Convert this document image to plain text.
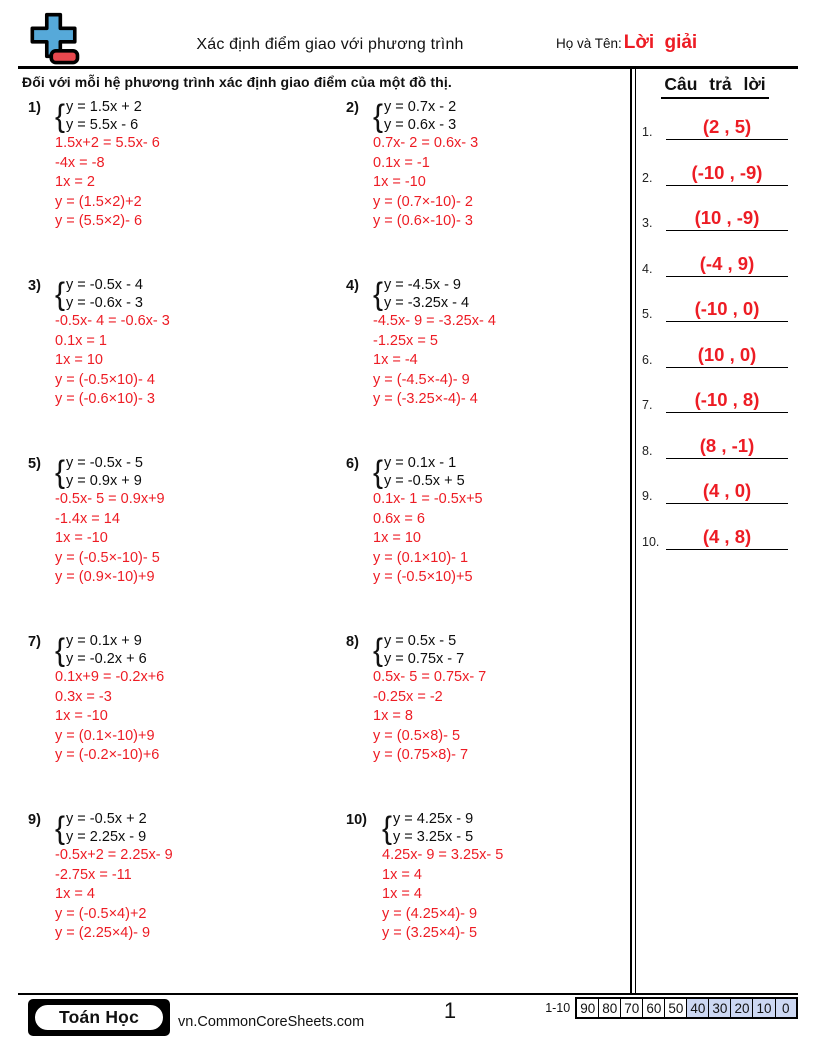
Xác định điểm giao với phương trình	Họ và Tên: Lời giải
Đối với mỗi hệ phương trình xác định giao điểm của một đồ thị.
1) { y = 1.5x + 2
y = 5.5x - 6
1.5x+2 = 5.5x- 6
-4x = -8
1x = 2
y = (1.5×2)+2
y = (5.5×2)- 6
2) { y = 0.7x - 2
y = 0.6x - 3
0.7x- 2 = 0.6x- 3
0.1x = -1
1x = -10
y = (0.7×-10)- 2
y = (0.6×-10)- 3
3) { y = -0.5x - 4
y = -0.6x - 3
-0.5x- 4 = -0.6x- 3
0.1x = 1
1x = 10
y = (-0.5×10)- 4
y = (-0.6×10)- 3
4) { y = -4.5x - 9
y = -3.25x - 4
-4.5x- 9 = -3.25x- 4
-1.25x = 5
1x = -4
y = (-4.5×-4)- 9
y = (-3.25×-4)- 4
5) { y = -0.5x - 5
y = 0.9x + 9
-0.5x- 5 = 0.9x+9
-1.4x = 14
1x = -10
y = (-0.5×-10)- 5
y = (0.9×-10)+9
6) { y = 0.1x - 1
y = -0.5x + 5
0.1x- 1 = -0.5x+5
0.6x = 6
1x = 10
y = (0.1×10)- 1
y = (-0.5×10)+5
7) { y = 0.1x + 9
y = -0.2x + 6
0.1x+9 = -0.2x+6
0.3x = -3
1x = -10
y = (0.1×-10)+9
y = (-0.2×-10)+6
8) { y = 0.5x - 5
y = 0.75x - 7
0.5x- 5 = 0.75x- 7
-0.25x = -2
1x = 8
y = (0.5×8)- 5
y = (0.75×8)- 7
9) { y = -0.5x + 2
y = 2.25x - 9
-0.5x+2 = 2.25x- 9
-2.75x = -11
1x = 4
y = (-0.5×4)+2
y = (2.25×4)- 9
10) { y = 4.25x - 9
y = 3.25x - 5
4.25x- 9 = 3.25x- 5
1x = 4
1x = 4
y = (4.25×4)- 9
y = (3.25×4)- 5
Câu trả lời
1.	(2 , 5)
2.	(-10 , -9)
3.	(10 , -9)
4.	(-4 , 9)
5.	(-10 , 0)
6.	(10 , 0)
7.	(-10 , 8)
8.	(8 , -1)
9.	(4 , 0)
10.	(4 , 8)
Toán Học	vn.CommonCoreSheets.com	1	1-10 90	80	70	60	50	40	30	20	10	0
